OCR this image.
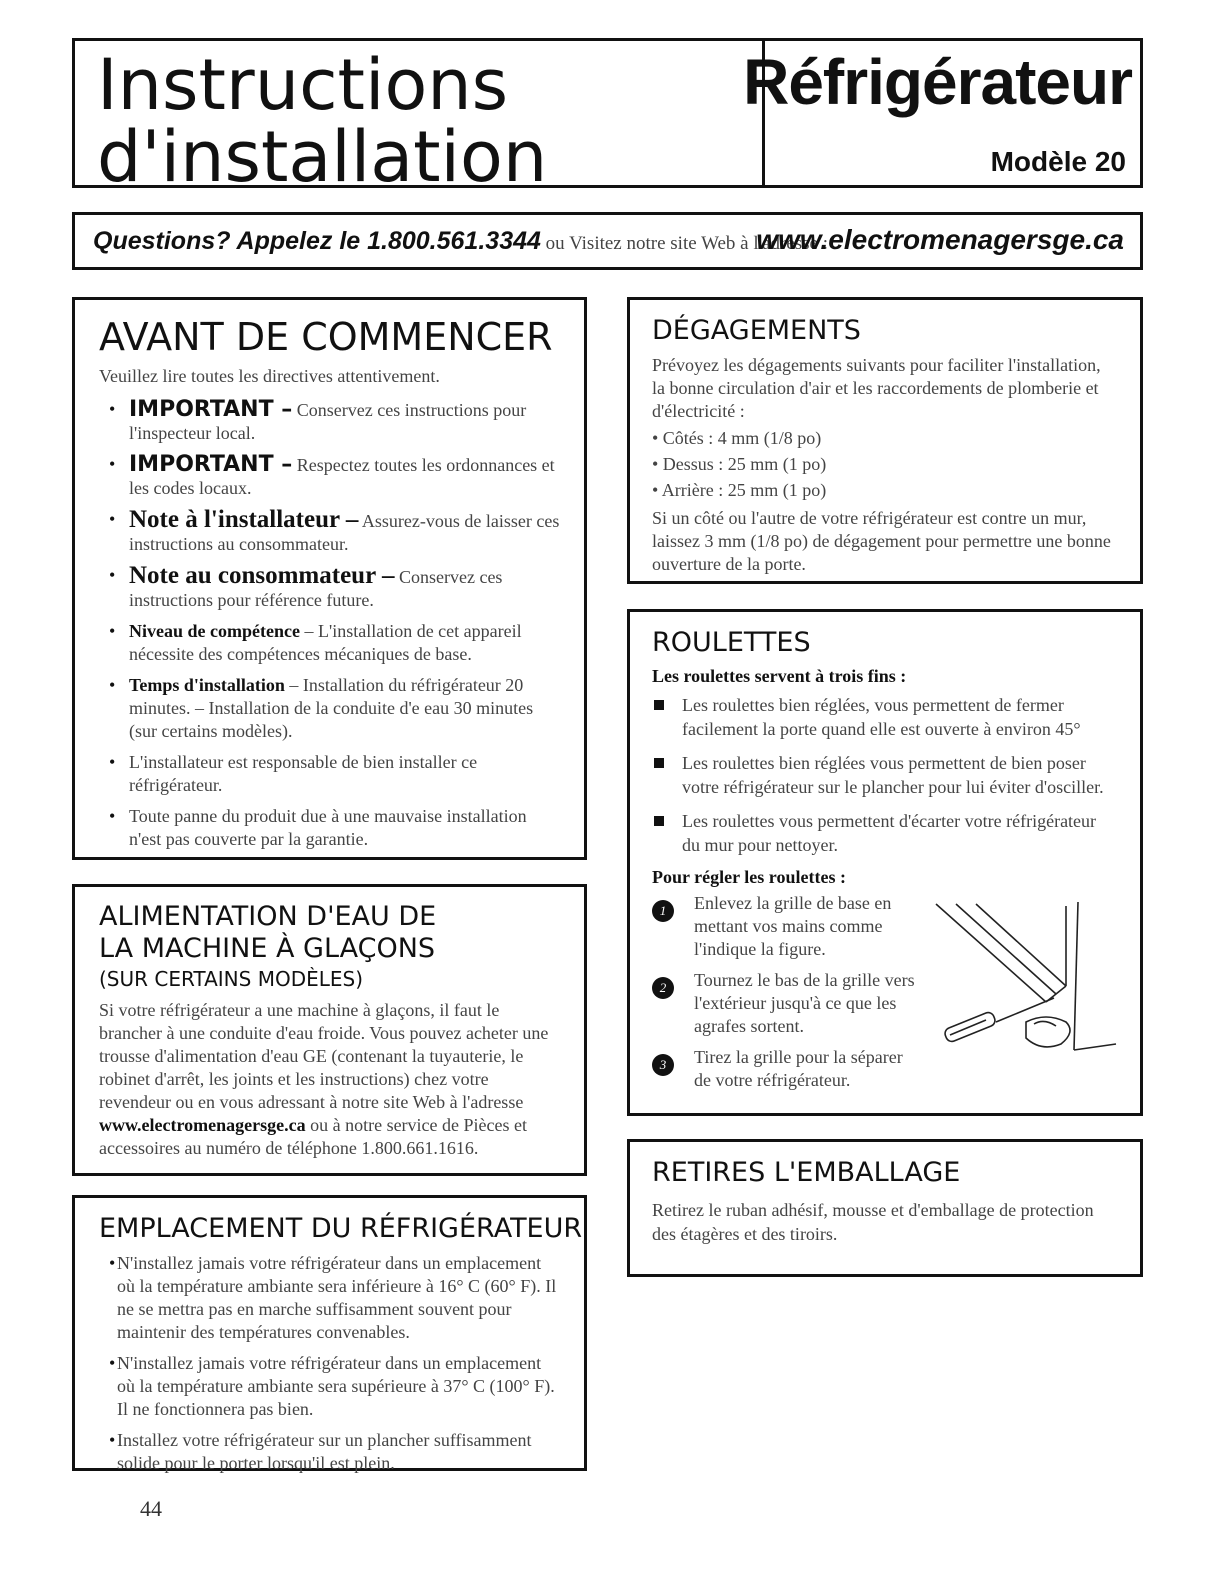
Instructions
d'installation
Réfrigérateur
Modèle 20
Questions? Appelez le 1.800.561.3344 ou Visitez notre site Web à l'adresse :
www.electromenagersge.ca
AVANT DE COMMENCER
Veuillez lire toutes les directives attentivement.
• IMPORTANT – Conservez ces instructions pour l'inspecteur local.
• IMPORTANT – Respectez toutes les ordonnances et les codes locaux.
• Note à l'installateur – Assurez-vous de laisser ces instructions au consommateur.
• Note au consommateur – Conservez ces instructions pour référence future.
• Niveau de compétence – L'installation de cet appareil nécessite des compétences mécaniques de base.
• Temps d'installation – Installation du réfrigérateur 20 minutes. – Installation de la conduite d'e eau 30 minutes (sur certains modèles).
• L'installateur est responsable de bien installer ce réfrigérateur.
• Toute panne du produit due à une mauvaise installation n'est pas couverte par la garantie.
ALIMENTATION D'EAU DE
LA MACHINE À GLAÇONS
(SUR CERTAINS MODÈLES)
Si votre réfrigérateur a une machine à glaçons, il faut le brancher à une conduite d'eau froide. Vous pouvez acheter une trousse d'alimentation d'eau GE (contenant la tuyauterie, le robinet d'arrêt, les joints et les instructions) chez votre revendeur ou en vous adressant à notre site Web à l'adresse www.electromenagersge.ca ou à notre service de Pièces et accessoires au numéro de téléphone 1.800.661.1616.
EMPLACEMENT DU RÉFRIGÉRATEUR
• N'installez jamais votre réfrigérateur dans un emplacement où la température ambiante sera inférieure à 16° C (60° F). Il ne se mettra pas en marche suffisamment souvent pour maintenir des températures convenables.
• N'installez jamais votre réfrigérateur dans un emplacement où la température ambiante sera supérieure à 37° C (100° F). Il ne fonctionnera pas bien.
• Installez votre réfrigérateur sur un plancher suffisamment solide pour le porter lorsqu'il est plein.
DÉGAGEMENTS
Prévoyez les dégagements suivants pour faciliter l'installation, la bonne circulation d'air et les raccordements de plomberie et d'électricité :
• Côtés : 4 mm (1/8 po)
• Dessus : 25 mm (1 po)
• Arrière : 25 mm (1 po)
Si un côté ou l'autre de votre réfrigérateur est contre un mur, laissez 3 mm (1/8 po) de dégagement pour permettre une bonne ouverture de la porte.
ROULETTES
Les roulettes servent à trois fins :
Les roulettes bien réglées, vous permettent de fermer facilement la porte quand elle est ouverte à environ 45°
Les roulettes bien réglées vous permettent de bien poser votre réfrigérateur sur le plancher pour lui éviter d'osciller.
Les roulettes vous permettent d'écarter votre réfrigérateur du mur pour nettoyer.
Pour régler les roulettes :
1	Enlevez la grille de base en mettant vos mains comme l'indique la figure.
2	Tournez le bas de la grille vers l'extérieur jusqu'à ce que les agrafes sortent.
3	Tirez la grille pour la séparer de votre réfrigérateur.
RETIRES L'EMBALLAGE
Retirez le ruban adhésif, mousse et d'emballage de protection des étagères et des tiroirs.
44
